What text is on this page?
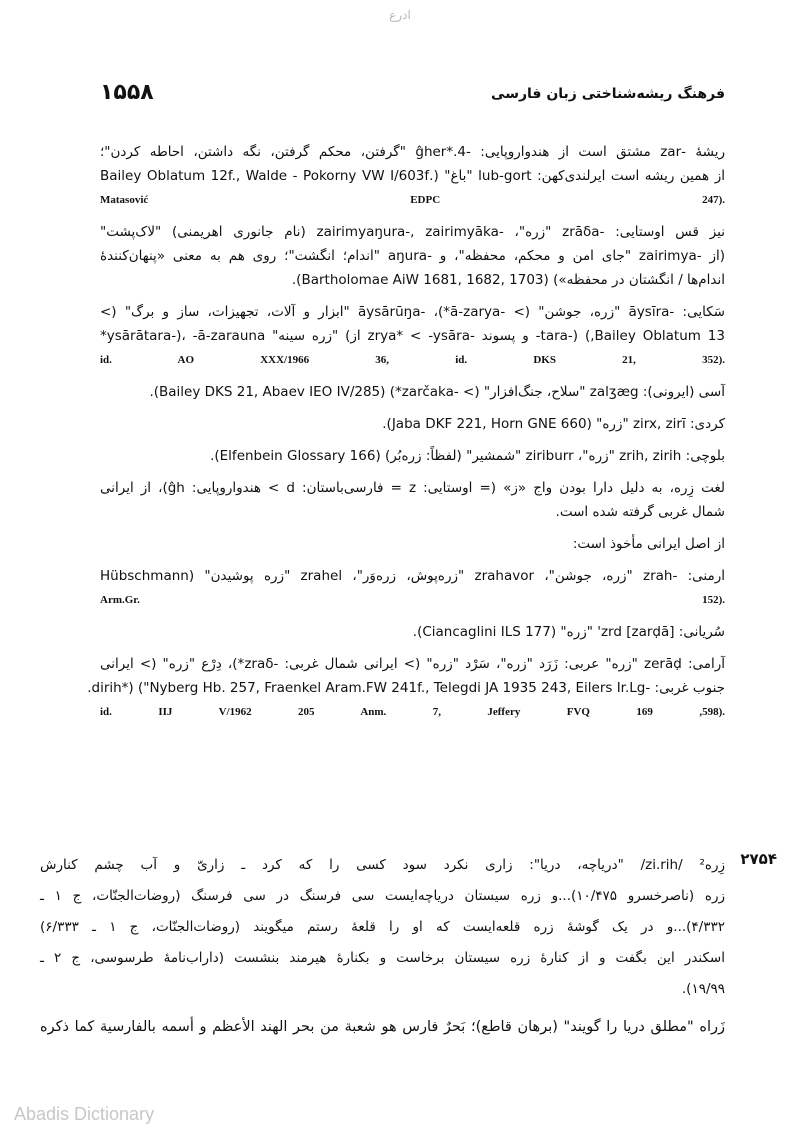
ادرع
۱۵۵۸	فرهنگ ریشه‌شناختی زبان فارسی

ریشهٔ -zar مشتق است از هندواروپایی: -4.*ĝher "گرفتن، محکم گرفتن، نگه داشتن، احاطه کردن"؛

از همین ریشه است ایرلندی‌کهن: lub-gort "باغ" (.Bailey Oblatum 12f., Walde - Pokorny VW I/603f

.(Matasović EDPC 247

نیز قس اوستایی: -zrāδa "زره"، -zairimyaŋura-, zairimyāka (نام جانوری اهریمنی) "لاک‌پشت"

(از -zairimya "جای امن و محکم، محفظه"، و -aŋura "اندام؛ انگشت"؛ روی هم به معنی «پنهان‌کنندهٔ

اندام‌ها / انگشتان در محفظه») (Bartholomae AiW 1681, 1682, 1703).

سَکایی: -āysīra "زره، جوشن" (> -ā-zarya*)، -āysārūŋa "ابزار و آلات، تجهیزات، ساز و برگ" (>

Bailey Oblatum 13,) (-tara- و پسوند -zrya* < -ysāra از) "زره سینه" ysārātara-)، -ā-zarauna*

.(id. AO XXX/1966 36, id. DKS 21, 352

آسی (ایرونی): zalʒæg "سلاح، جنگ‌افزار" (> -zarčaka*) (Bailey DKS 21, Abaev IEO IV/285).

کردی: zirx, zirī "زره" (Jaba DKF 221, Horn GNE 660).

بلوچی: zrih, zirih "زره"، ziriburr "شمشیر" (لفظاً: زره‌بُر) (Elfenbein Glossary 166).

لغت زِره، به دلیل دارا بودن واج «ز» (= اوستایی: z = فارسی‌باستان: d > هندواروپایی: ĝh)، از ایرانی

شمال غربی گرفته شده است.

از اصل ایرانی مأخوذ است:

ارمنی: -zrah "زره، جوشن"، zrahavor "زره‌پوش، زره‌وَر"، zrahel "زره پوشیدن" (Hübschmann

.(Arm.Gr. 152

سُریانی: [zarḍā] zrd' "زره" (Ciancaglini ILS 177).

آرامی: zerāḍ "زره" عربی: زَرَد "زره"، سَرْد "زره" (> ایرانی شمال غربی: -zraδ*)، دِرْع "زره" (> ایرانی

جنوب غربی: -dirih*) ("Nyberg Hb. 257, Fraenkel Aram.FW 241f., Telegdi JA 1935 243, Eilers Ir.Lg.

.(598, id. IIJ V/1962 205 Anm. 7, Jeffery FVQ 169

۲۷۵۴

زِره² /zi.rih/ "دریاچه، دریا": زاری نکرد سود کسی را که کرد ـ زاریّ و آب چشم کنارش

زره (ناصرخسرو ۱۰/۴۷۵)...و زره سیستان دریاچه‌ایست سی فرسنگ در سی فرسنگ (روضات‌الجنّات، ج ۱ ـ

۴/۳۳۲)...و در یک گوشهٔ زره قلعه‌ایست که او را قلعهٔ رستم میگویند (روضات‌الجنّات، ج ۱ ـ ۶/۳۳۳)

اسکندر این بگفت و از کنارهٔ زره سیستان برخاست و بکنارهٔ هیرمند بنشست (داراب‌نامهٔ طرسوسی، ج ۲ ـ

۱۹/۹۹).

زَراه "مطلق دریا را گویند" (برهان قاطع)؛ بَحرٌ فارس هو شعبة من بحر الهند الأعظم و أسمه بالفارسية كما ذكره
Abadis Dictionary
